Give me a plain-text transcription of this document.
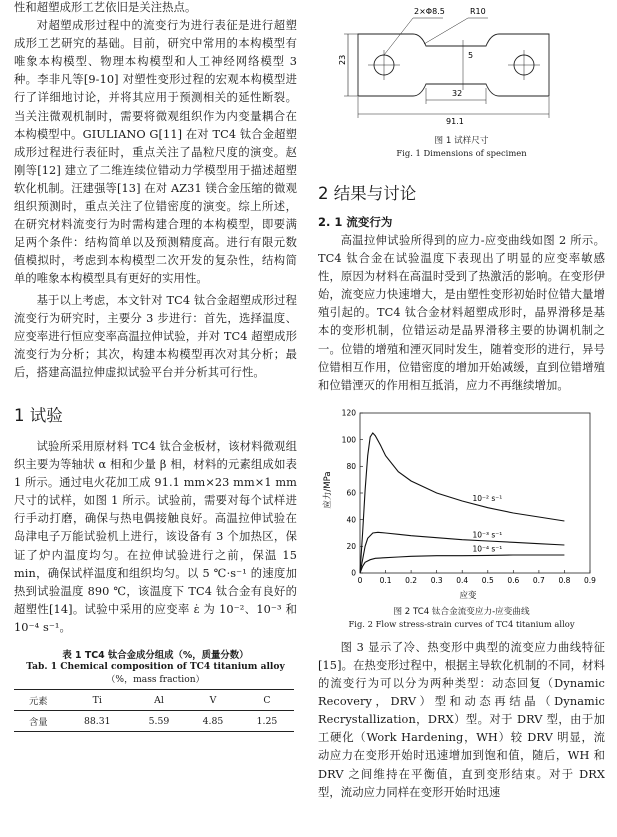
性和超塑成形工艺依旧是关注热点。

对超塑成形过程中的流变行为进行表征是进行超塑成形工艺研究的基础。目前，研究中常用的本构模型有唯象本构模型、物理本构模型和人工神经网络模型 3 种。李非凡等[9-10] 对塑性变形过程的宏观本构模型进行了详细地讨论，并将其应用于预测相关的延性断裂。当关注微观机制时，需要将微观组织作为内变量耦合在本构模型中。GIULIANO G[11] 在对 TC4 钛合金超塑成形过程进行表征时，重点关注了晶粒尺度的演变。赵刚等[12] 建立了二维连续位错动力学模型用于描述超塑软化机制。汪建强等[13] 在对 AZ31 镁合金压缩的微观组织预测时，重点关注了位错密度的演变。综上所述，在研究材料流变行为时需构建合理的本构模型，即要满足两个条件：结构简单以及预测精度高。进行有限元数值模拟时，考虑到本构模型二次开发的复杂性，结构简单的唯象本构模型具有更好的实用性。

基于以上考虑，本文针对 TC4 钛合金超塑成形过程流变行为研究时，主要分 3 步进行：首先，选择温度、应变率进行恒应变率高温拉伸试验，并对 TC4 超塑成形流变行为分析；其次，构建本构模型再次对其分析；最后，搭建高温拉伸虚拟试验平台并分析其可行性。

1 试验

试验所采用原材料 TC4 钛合金板材，该材料微观组织主要为等轴状 α 相和少量 β 相，材料的元素组成如表 1 所示。通过电火花加工成 91.1 mm×23 mm×1 mm 尺寸的试样，如图 1 所示。试验前，需要对每个试样进行手动打磨，确保与热电偶接触良好。高温拉伸试验在岛津电子万能试验机上进行，该设备有 3 个加热区，保证了炉内温度均匀。在拉伸试验进行之前，保温 15 min，确保试样温度和组织均匀。以 5 ℃·s⁻¹ 的速度加热到试验温度 890 ℃，该温度下 TC4 钛合金有良好的超塑性[14]。试验中采用的应变率 ε̇ 为 10⁻²、10⁻³ 和 10⁻⁴ s⁻¹。

表 1 TC4 钛合金成分组成（%，质量分数）

Tab. 1 Chemical composition of TC4 titanium alloy

（%，mass fraction）

元素	Ti	Al	V	C
含量	88.31	5.59	4.85	1.25
2×Φ8.5	R10
23	5
32
91.1

图 1 试样尺寸

Fig. 1 Dimensions of specimen

2 结果与讨论

2. 1 流变行为

高温拉伸试验所得到的应力-应变曲线如图 2 所示。TC4 钛合金在试验温度下表现出了明显的应变率敏感性，原因为材料在高温时受到了热激活的影响。在变形伊始，流变应力快速增大，是由塑性变形初始时位错大量增殖引起的。TC4 钛合金材料超塑成形时，晶界滑移是基本的变形机制，位错运动是晶界滑移主要的协调机制之一。位错的增殖和湮灭同时发生，随着变形的进行，异号位错相互作用，位错密度的增加开始减缓，直到位错增殖和位错湮灭的作用相互抵消，应力不再继续增加。

0 0.1 0.2 0.3 0.4 0.5 0.6 0.7 0.8 0.9
0
20
40
60
80
100
120
10⁻² s⁻¹
10⁻³ s⁻¹
10⁻⁴ s⁻¹
应变
应力/MPa

图 2 TC4 钛合金流变应力-应变曲线

Fig. 2 Flow stress-strain curves of TC4 titanium alloy

图 3 显示了冷、热变形中典型的流变应力曲线特征[15]。在热变形过程中，根据主导软化机制的不同，材料的流变行为可以分为两种类型：动态回复（Dynamic Recovery，DRV）型和动态再结晶（Dynamic Recrystallization，DRX）型。对于 DRV 型，由于加工硬化（Work Hardening，WH）较 DRV 明显，流动应力在变形开始时迅速增加到饱和值，随后，WH 和 DRV 之间维持在平衡值，直到变形结束。对于 DRX 型，流动应力同样在变形开始时迅速
